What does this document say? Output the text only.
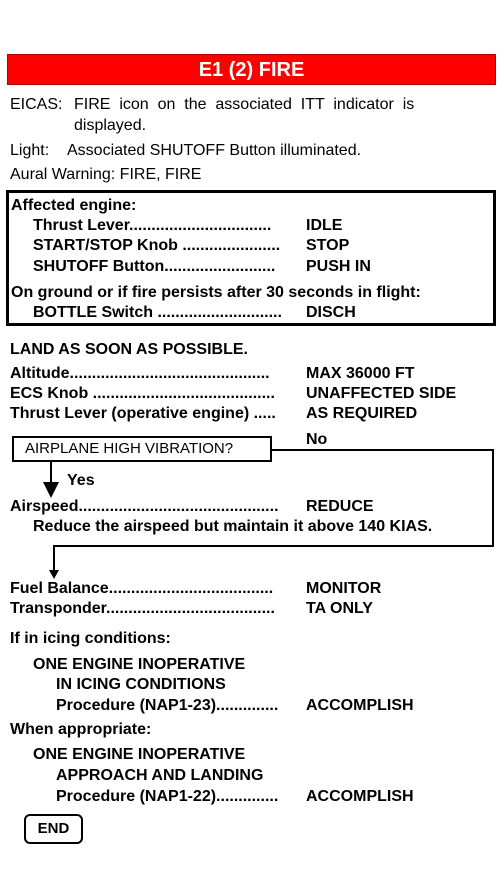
E1 (2) FIRE
EICAS: FIRE  icon  on  the  associated  ITT  indicator  is
displayed.
Light: Associated SHUTOFF Button illuminated.
Aural Warning: FIRE, FIRE
Affected engine:
Thrust Lever................................ IDLE
START/STOP Knob ...................... STOP
SHUTOFF Button......................... PUSH IN
On ground or if fire persists after 30 seconds in flight:
BOTTLE Switch ............................ DISCH
LAND AS SOON AS POSSIBLE.
Altitude............................................. MAX 36000 FT
ECS Knob ......................................... UNAFFECTED SIDE
Thrust Lever (operative engine) ..... AS REQUIRED
AIRPLANE HIGH VIBRATION?
No
Yes
Airspeed............................................. REDUCE
Reduce the airspeed but maintain it above 140 KIAS.
Fuel Balance..................................... MONITOR
Transponder...................................... TA ONLY
If in icing conditions:
ONE ENGINE INOPERATIVE
IN ICING CONDITIONS
Procedure (NAP1-23).............. ACCOMPLISH
When appropriate:
ONE ENGINE INOPERATIVE
APPROACH AND LANDING
Procedure (NAP1-22).............. ACCOMPLISH
END
